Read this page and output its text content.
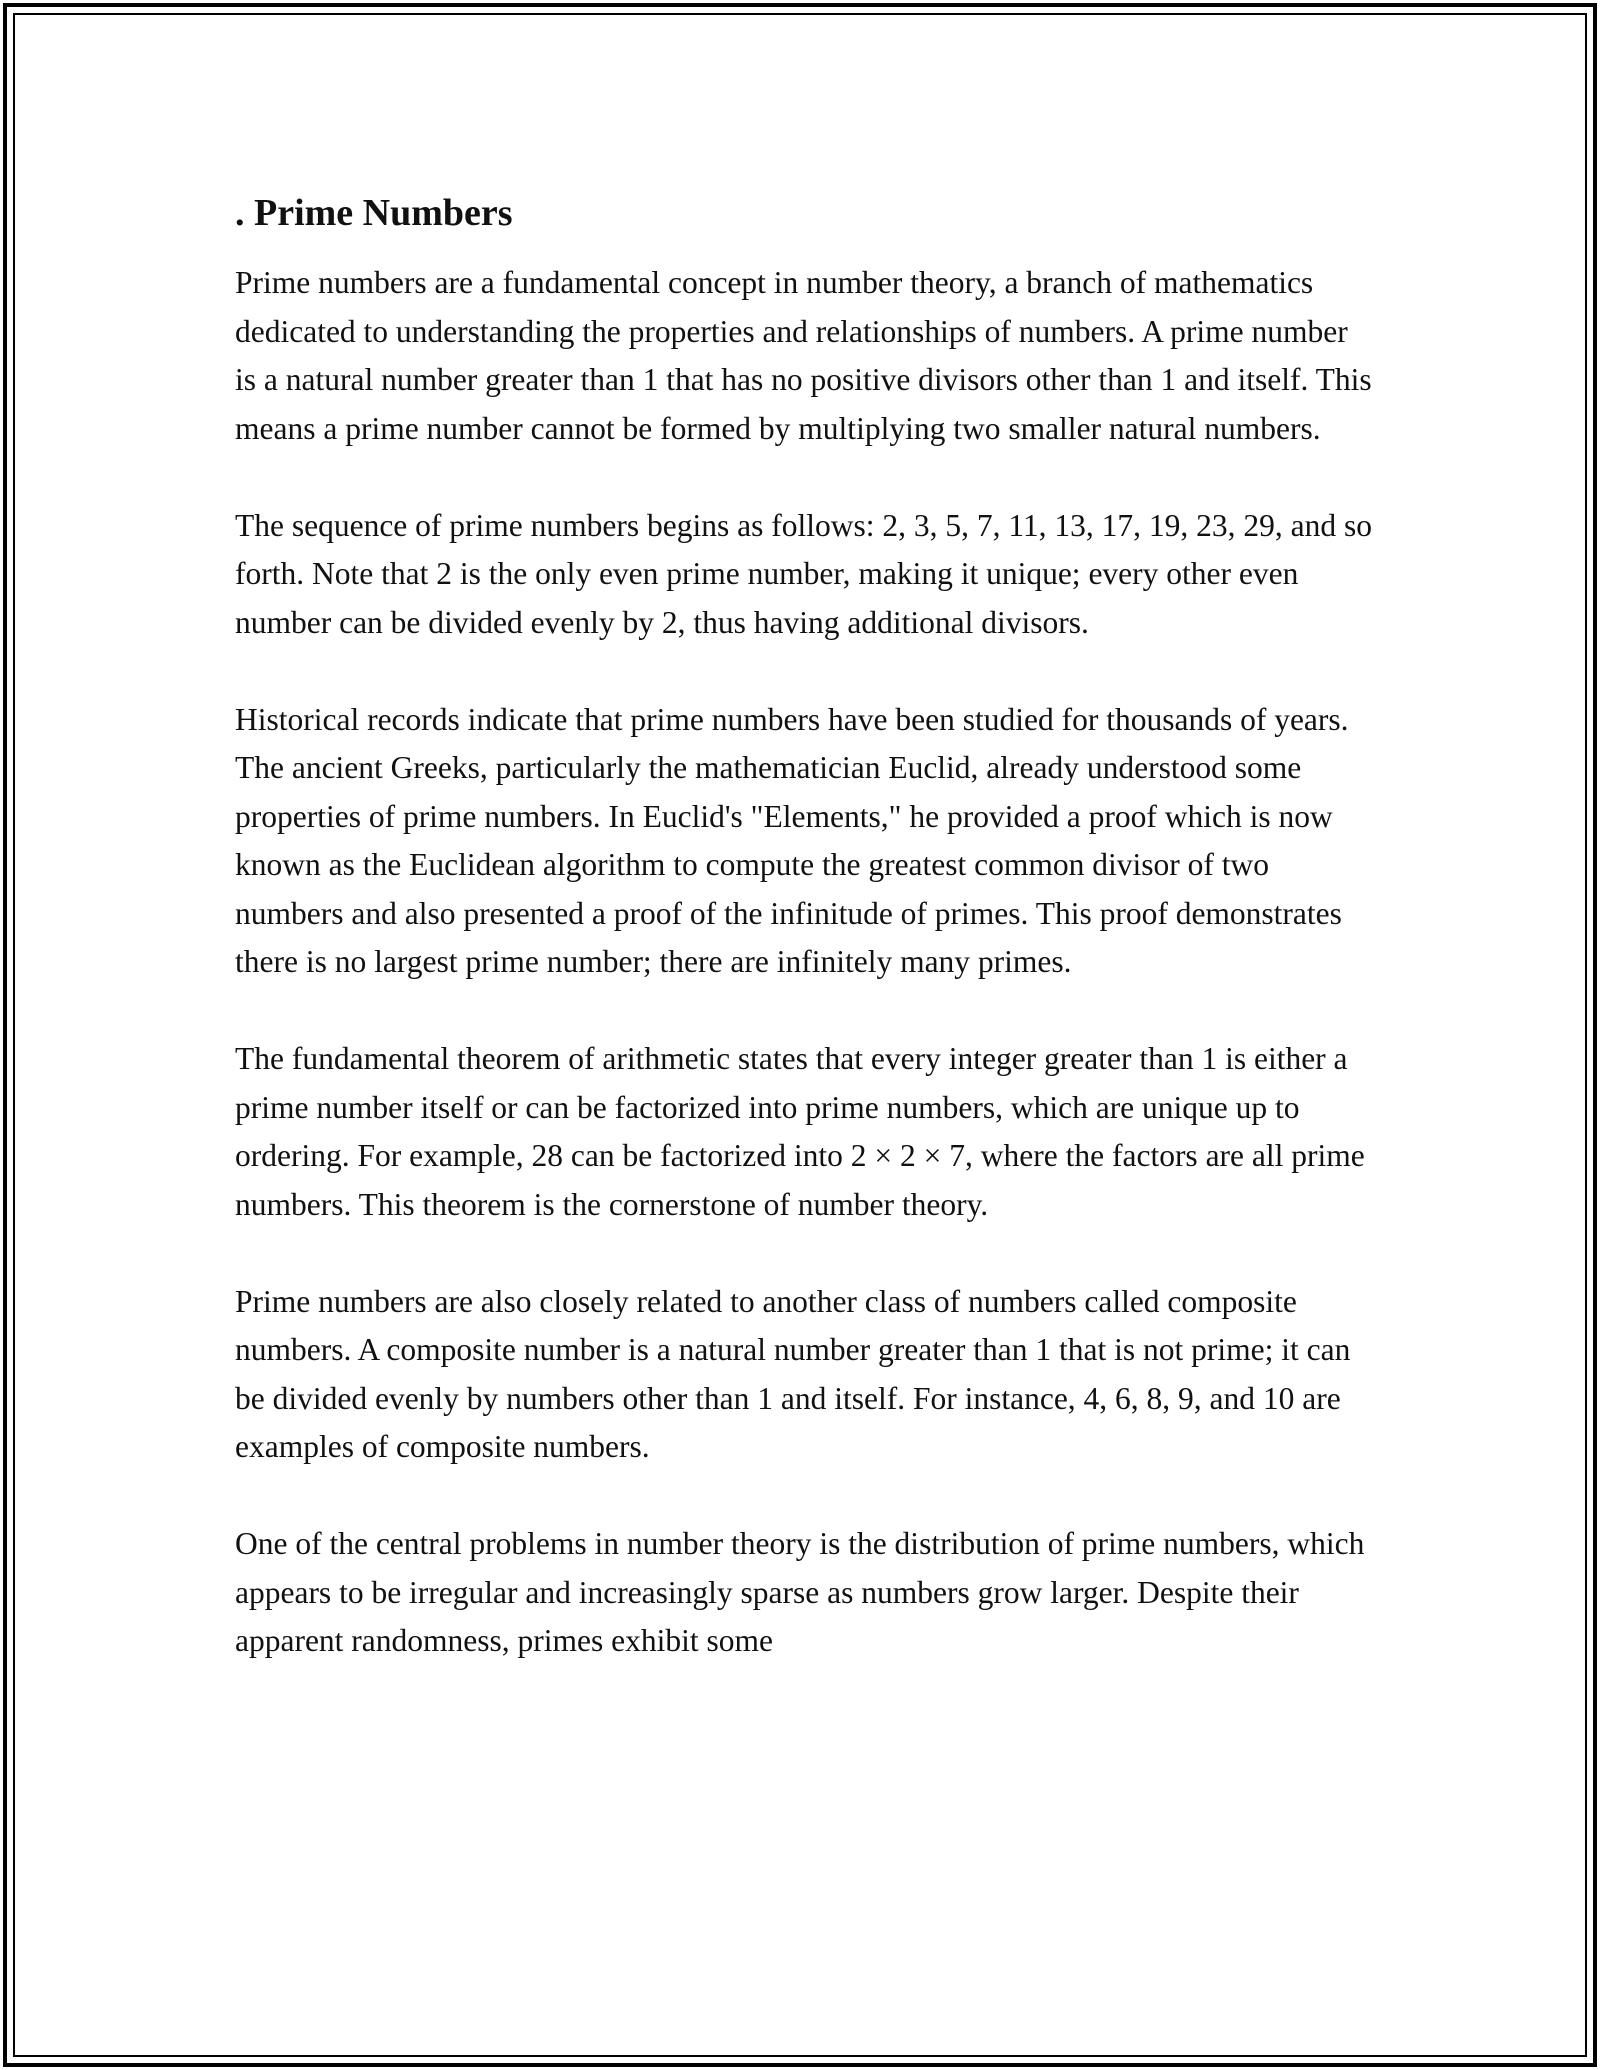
. Prime Numbers

Prime numbers are a fundamental concept in number theory, a branch of mathematics dedicated to understanding the properties and relationships of numbers. A prime number is a natural number greater than 1 that has no positive divisors other than 1 and itself. This means a prime number cannot be formed by multiplying two smaller natural numbers.

The sequence of prime numbers begins as follows: 2, 3, 5, 7, 11, 13, 17, 19, 23, 29, and so forth. Note that 2 is the only even prime number, making it unique; every other even number can be divided evenly by 2, thus having additional divisors.

Historical records indicate that prime numbers have been studied for thousands of years. The ancient Greeks, particularly the mathematician Euclid, already understood some properties of prime numbers. In Euclid's "Elements," he provided a proof which is now known as the Euclidean algorithm to compute the greatest common divisor of two numbers and also presented a proof of the infinitude of primes. This proof demonstrates there is no largest prime number; there are infinitely many primes.

The fundamental theorem of arithmetic states that every integer greater than 1 is either a prime number itself or can be factorized into prime numbers, which are unique up to ordering. For example, 28 can be factorized into 2 × 2 × 7, where the factors are all prime numbers. This theorem is the cornerstone of number theory.

Prime numbers are also closely related to another class of numbers called composite numbers. A composite number is a natural number greater than 1 that is not prime; it can be divided evenly by numbers other than 1 and itself. For instance, 4, 6, 8, 9, and 10 are examples of composite numbers.

One of the central problems in number theory is the distribution of prime numbers, which appears to be irregular and increasingly sparse as numbers grow larger. Despite their apparent randomness, primes exhibit some
